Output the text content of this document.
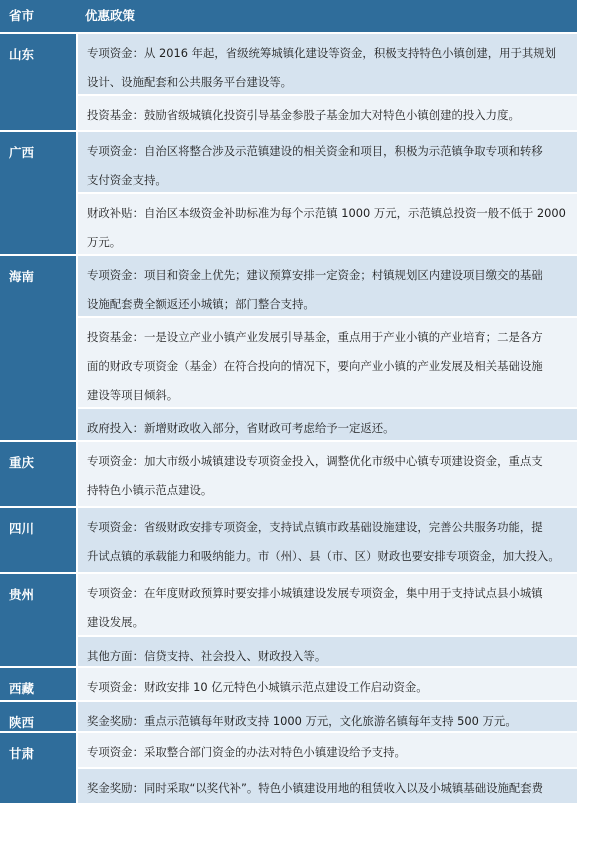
省市	优惠政策
山东	专项资金：从 2016 年起，省级统筹城镇化建设等资金，积极支持特色小镇创建，用于其规划
设计、设施配套和公共服务平台建设等。
投资基金：鼓励省级城镇化投资引导基金参股子基金加大对特色小镇创建的投入力度。
广西	专项资金：自治区将整合涉及示范镇建设的相关资金和项目，积极为示范镇争取专项和转移
支付资金支持。
财政补贴：自治区本级资金补助标准为每个示范镇 1000 万元，示范镇总投资一般不低于 2000
万元。
海南	专项资金：项目和资金上优先；建议预算安排一定资金；村镇规划区内建设项目缴交的基础
设施配套费全额返还小城镇；部门整合支持。
投资基金：一是设立产业小镇产业发展引导基金，重点用于产业小镇的产业培育；二是各方
面的财政专项资金（基金）在符合投向的情况下，要向产业小镇的产业发展及相关基础设施
建设等项目倾斜。
政府投入：新增财政收入部分，省财政可考虑给予一定返还。
重庆	专项资金：加大市级小城镇建设专项资金投入，调整优化市级中心镇专项建设资金，重点支
持特色小镇示范点建设。
四川	专项资金：省级财政安排专项资金，支持试点镇市政基础设施建设，完善公共服务功能，提
升试点镇的承载能力和吸纳能力。市（州）、县（市、区）财政也要安排专项资金，加大投入。
贵州	专项资金：在年度财政预算时要安排小城镇建设发展专项资金，集中用于支持试点县小城镇
建设发展。
其他方面：信贷支持、社会投入、财政投入等。
西藏	专项资金：财政安排 10 亿元特色小城镇示范点建设工作启动资金。
陕西	奖金奖励：重点示范镇每年财政支持 1000 万元，文化旅游名镇每年支持 500 万元。
甘肃	专项资金：采取整合部门资金的办法对特色小镇建设给予支持。
奖金奖励：同时采取“以奖代补”。特色小镇建设用地的租赁收入以及小城镇基础设施配套费
